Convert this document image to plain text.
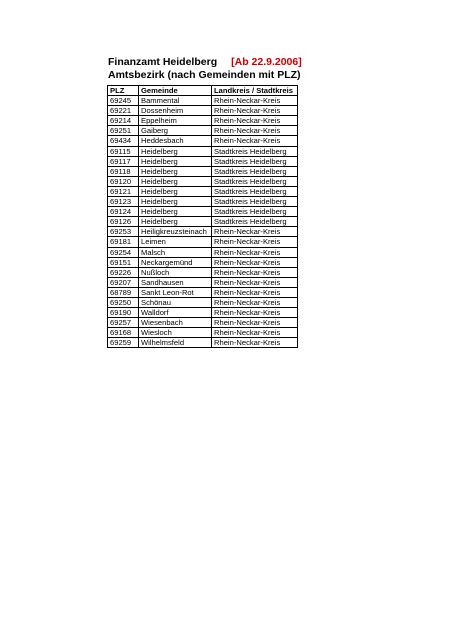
Finanzamt Heidelberg [Ab 22.9.2006]
Amtsbezirk (nach Gemeinden mit PLZ)
PLZ	Gemeinde	Landkreis / Stadtkreis
69245	Bammental	Rhein-Neckar-Kreis
69221	Dossenheim	Rhein-Neckar-Kreis
69214	Eppelheim	Rhein-Neckar-Kreis
69251	Gaiberg	Rhein-Neckar-Kreis
69434	Heddesbach	Rhein-Neckar-Kreis
69115	Heidelberg	Stadtkreis Heidelberg
69117	Heidelberg	Stadtkreis Heidelberg
69118	Heidelberg	Stadtkreis Heidelberg
69120	Heidelberg	Stadtkreis Heidelberg
69121	Heidelberg	Stadtkreis Heidelberg
69123	Heidelberg	Stadtkreis Heidelberg
69124	Heidelberg	Stadtkreis Heidelberg
69126	Heidelberg	Stadtkreis Heidelberg
69253	Heiligkreuzsteinach	Rhein-Neckar-Kreis
69181	Leimen	Rhein-Neckar-Kreis
69254	Malsch	Rhein-Neckar-Kreis
69151	Neckargemünd	Rhein-Neckar-Kreis
69226	Nußloch	Rhein-Neckar-Kreis
69207	Sandhausen	Rhein-Neckar-Kreis
68789	Sankt Leon-Rot	Rhein-Neckar-Kreis
69250	Schönau	Rhein-Neckar-Kreis
69190	Walldorf	Rhein-Neckar-Kreis
69257	Wiesenbach	Rhein-Neckar-Kreis
69168	Wiesloch	Rhein-Neckar-Kreis
69259	Wilhelmsfeld	Rhein-Neckar-Kreis
